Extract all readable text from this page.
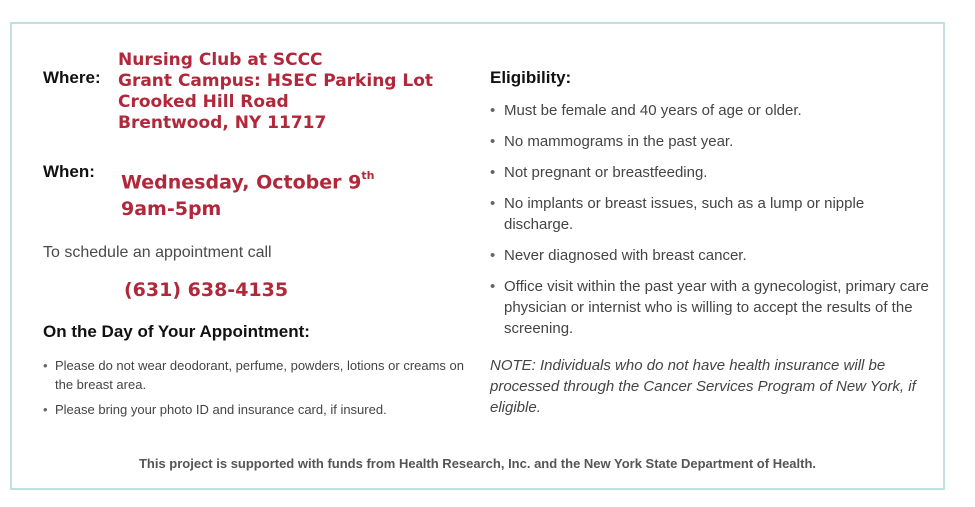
Where:
Nursing Club at SCCC
Grant Campus: HSEC Parking Lot
Crooked Hill Road
Brentwood, NY 11717
When: Wednesday, October 9th
9am-5pm
To schedule an appointment call
(631) 638-4135
On the Day of Your Appointment:
• Please do not wear deodorant, perfume, powders, lotions or creams on the breast area.
• Please bring your photo ID and insurance card, if insured.
Eligibility:
• Must be female and 40 years of age or older.
• No mammograms in the past year.
• Not pregnant or breastfeeding.
• No implants or breast issues, such as a lump or nipple discharge.
• Never diagnosed with breast cancer.
• Office visit within the past year with a gynecologist, primary care physician or internist who is willing to accept the results of the screening.
NOTE: Individuals who do not have health insurance will be processed through the Cancer Services Program of New York, if eligible.
This project is supported with funds from Health Research, Inc. and the New York State Department of Health.
